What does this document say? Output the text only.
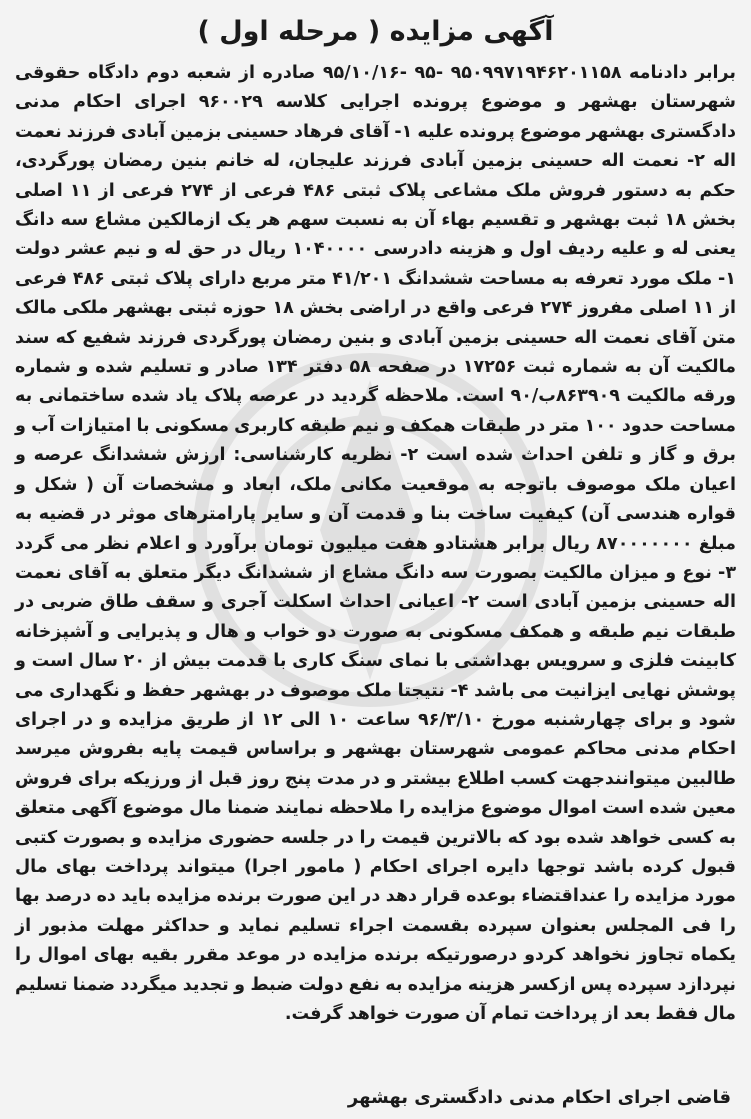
آگهی مزایده ( مرحله اول )

برابر دادنامه ۹۵۰۹۹۷۱۹۴۶۲۰۱۱۵۸ -۹۵ -۹۵/۱۰/۱۶ صادره از شعبه دوم دادگاه حقوقی شهرستان بهشهر و موضوع پرونده اجرایی کلاسه ۹۶۰۰۲۹ اجرای احکام مدنی دادگستری بهشهر موضوع پرونده علیه ۱- آقای فرهاد حسینی بزمین آبادی فرزند نعمت اله ۲- نعمت اله حسینی بزمین آبادی فرزند علیجان، له خانم بنین رمضان پورگردی، حکم به دستور فروش ملک مشاعی پلاک ثبتی ۴۸۶ فرعی از ۲۷۴ فرعی از ۱۱ اصلی بخش ۱۸ ثبت بهشهر و تقسیم بهاء آن به نسبت سهم هر یک ازمالکین مشاع سه دانگ یعنی له و علیه ردیف اول و هزینه دادرسی ۱۰۴۰۰۰۰ ریال در حق له و نیم عشر دولت ۱- ملک مورد تعرفه به مساحت ششدانگ ۴۱/۲۰۱ متر مربع دارای پلاک ثبتی ۴۸۶ فرعی از ۱۱ اصلی مفروز ۲۷۴ فرعی واقع در اراضی بخش ۱۸ حوزه ثبتی بهشهر ملکی مالک متن آقای نعمت اله حسینی بزمین آبادی و بنین رمضان پورگردی فرزند شفیع که سند مالکیت آن به شماره ثبت ۱۷۲۵۶ در صفحه ۵۸ دفتر ۱۳۴ صادر و تسلیم شده و شماره ورقه مالکیت ۸۶۳۹۰۹ب/۹۰ است. ملاحظه گردید در عرصه پلاک یاد شده ساختمانی به مساحت حدود ۱۰۰ متر در طبقات همکف و نیم طبقه کاربری مسکونی با امتیازات آب و برق و گاز و تلفن احداث شده است ۲- نظریه کارشناسی: ارزش ششدانگ عرصه و اعیان ملک موصوف باتوجه به موقعیت مکانی ملک، ابعاد و مشخصات آن ( شکل و قواره هندسی آن) کیفیت ساخت بنا و قدمت آن و سایر پارامترهای موثر در قضیه به مبلغ ۸۷۰۰۰۰۰۰۰ ریال برابر هشتادو هفت میلیون تومان برآورد و اعلام نظر می گردد ۳- نوع و میزان مالکیت بصورت سه دانگ مشاع از ششدانگ دیگر متعلق به آقای نعمت اله حسینی بزمین آبادی است ۲- اعیانی احداث اسکلت آجری و سقف طاق ضربی در طبقات نیم طبقه و همکف مسکونی به صورت دو خواب و هال و پذیرایی و آشپزخانه کابینت فلزی و سرویس بهداشتی با نمای سنگ کاری با قدمت بیش از ۲۰ سال است و پوشش نهایی ایزانیت می باشد ۴- نتیجتا ملک موصوف در بهشهر حفظ و نگهداری می شود و برای چهارشنبه مورخ ۹۶/۳/۱۰ ساعت ۱۰ الی ۱۲ از طریق مزایده و در اجرای احکام مدنی محاکم عمومی شهرستان بهشهر و براساس قیمت پایه بفروش میرسد طالبین میتوانندجهت کسب اطلاع بیشتر و در مدت پنج روز قبل از ورزیکه برای فروش معین شده است اموال موضوع مزایده را ملاحظه نمایند ضمنا مال موضوع آگهی متعلق به کسی خواهد شده بود که بالاترین قیمت را در جلسه حضوری مزایده و بصورت کتبی قبول کرده باشد توجها دایره اجرای احکام ( مامور اجرا) میتواند پرداخت بهای مال مورد مزایده را عنداقتضاء بوعده قرار دهد در این صورت برنده مزایده باید ده درصد بها را فی المجلس بعنوان سپرده بقسمت اجراء تسلیم نماید و حداکثر مهلت مذبور از یکماه تجاوز نخواهد کردو درصورتیکه برنده مزایده در موعد مقرر بقیه بهای اموال را نپردازد سپرده پس ازکسر هزینه مزایده به نفع دولت ضبط و تجدید میگردد ضمنا تسلیم مال فقط بعد از پرداخت تمام آن صورت خواهد گرفت.

قاضی اجرای احکام مدنی دادگستری بهشهر
